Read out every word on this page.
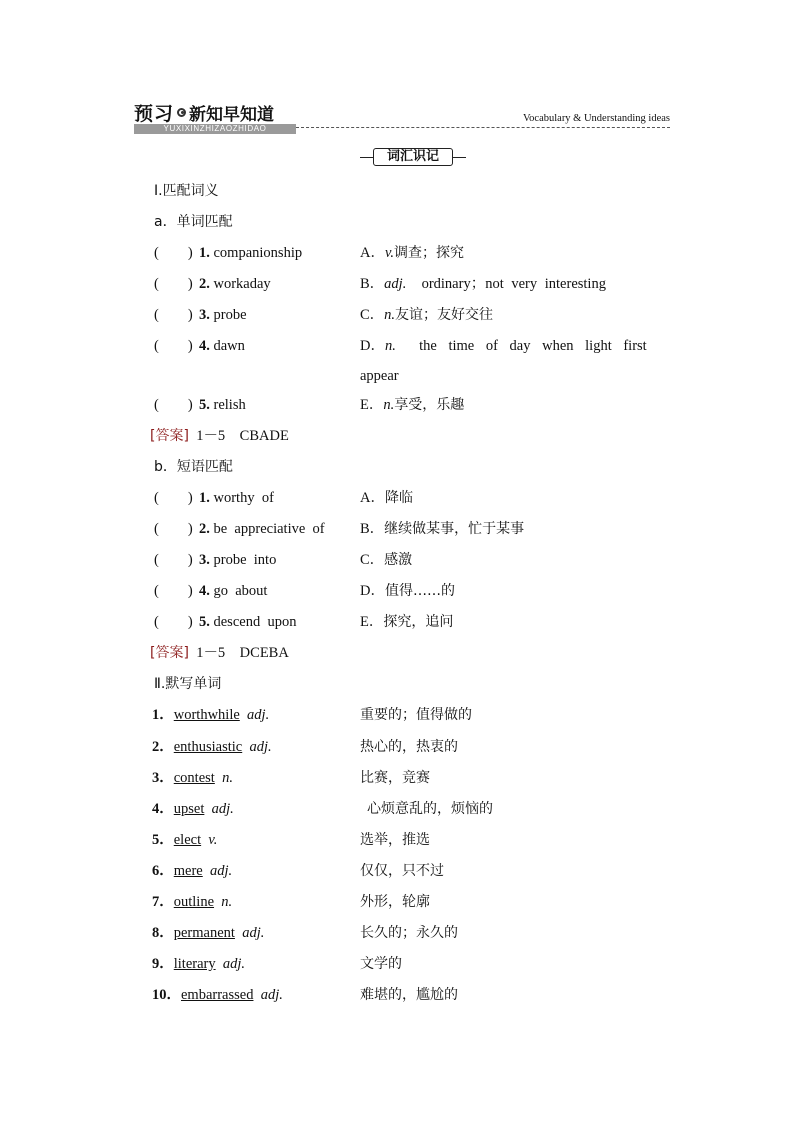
预习 新知早知道
YUXIXINZHIZAOZHIDAO
Vocabulary & Understanding ideas
词汇识记
Ⅰ.匹配词义
a．单词匹配
(　　) 1. companionship	A．v.调查；探究
(　　) 2. workaday	B．adj. ordinary；not very interesting
(　　) 3. probe	C．n.友谊；友好交往
(　　) 4. dawn	D．n. the time of day when light first
appear
(　　) 5. relish	E．n.享受，乐趣
[答案] 1－5　CBADE
b．短语匹配
(　　) 1. worthy  of	A．降临
(　　) 2. be  appreciative  of B．继续做某事，忙于某事
(　　) 3. probe  into	C．感激
(　　) 4. go  about	D．值得……的
(　　) 5. descend  upon	E．探究，追问
[答案] 1－5　DCEBA
Ⅱ.默写单词
1．worthwhile adj.	重要的；值得做的
2．enthusiastic adj.	热心的，热衷的
3．contest n.	比赛，竞赛
4．upset adj.	心烦意乱的，烦恼的
5．elect v.	选举，推选
6．mere adj.	仅仅，只不过
7．outline n.	外形，轮廓
8．permanent adj.	长久的；永久的
9．literary adj.	文学的
10．embarrassed adj.	难堪的，尴尬的
